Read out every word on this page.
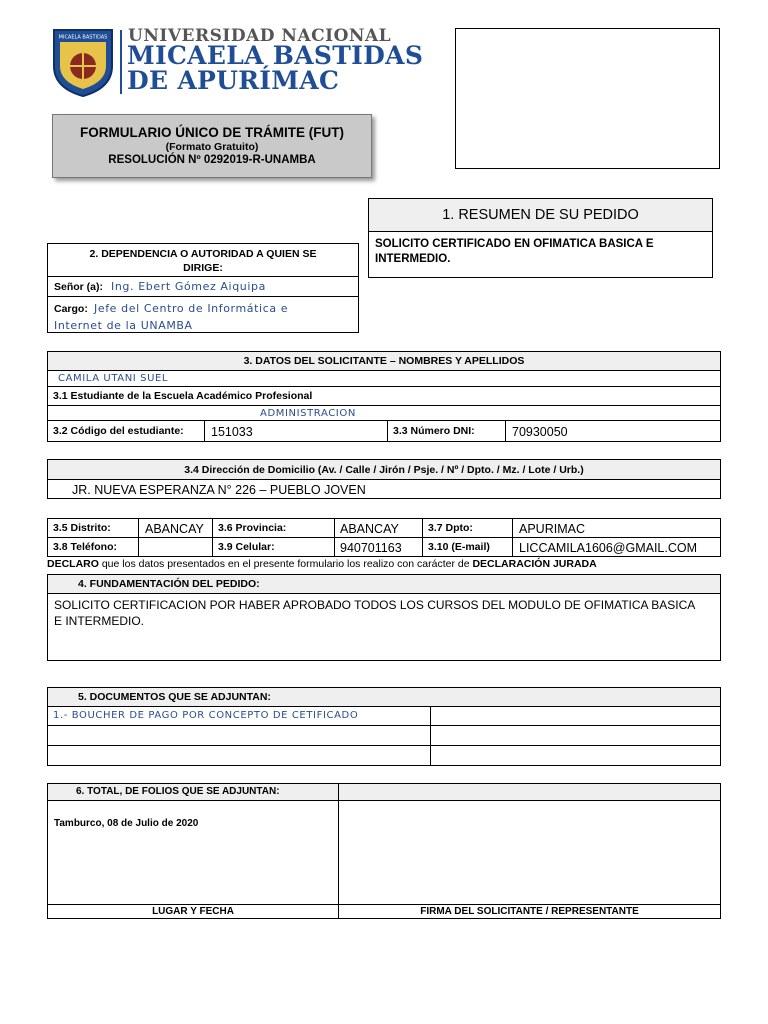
MICAELA BASTIDAS UNIVERSIDAD NACIONAL
MICAELA BASTIDAS
DE APURÍMAC
FORMULARIO ÚNICO DE TRÁMITE (FUT)
(Formato Gratuito)
RESOLUCIÓN Nº 0292019-R-UNAMBA
1. RESUMEN DE SU PEDIDO
SOLICITO CERTIFICADO EN OFIMATICA BASICA E INTERMEDIO.
2. DEPENDENCIA O AUTORIDAD A QUIEN SE DIRIGE:
Señor (a): Ing. Ebert Gómez Aiquipa
Cargo: Jefe del Centro de Informática e Internet de la UNAMBA
3. DATOS DEL SOLICITANTE – NOMBRES Y APELLIDOS
CAMILA UTANI SUEL
3.1 Estudiante de la Escuela Académico Profesional
ADMINISTRACION
3.2 Código del estudiante: 151033	3.3 Número DNI:	70930050
3.4 Dirección de Domicilio (Av. / Calle / Jirón / Psje. / Nº / Dpto. / Mz. / Lote / Urb.)
JR. NUEVA ESPERANZA N° 226 – PUEBLO JOVEN
3.5 Distrito:	ABANCAY 3.6 Provincia:	ABANCAY	3.7 Dpto:	APURIMAC
3.8 Teléfono:	3.9 Celular:	940701163	3.10 (E-mail) LICCAMILA1606@GMAIL.COM
DECLARO que los datos presentados en el presente formulario los realizo con carácter de DECLARACIÓN JURADA
4. FUNDAMENTACIÓN DEL PEDIDO:
SOLICITO CERTIFICACION POR HABER APROBADO TODOS LOS CURSOS DEL MODULO DE OFIMATICA BASICA E INTERMEDIO.
5. DOCUMENTOS QUE SE ADJUNTAN:
1.- BOUCHER DE PAGO POR CONCEPTO DE CETIFICADO
6. TOTAL, DE FOLIOS QUE SE ADJUNTAN:
Tamburco, 08 de Julio de 2020
LUGAR Y FECHA	FIRMA DEL SOLICITANTE / REPRESENTANTE
